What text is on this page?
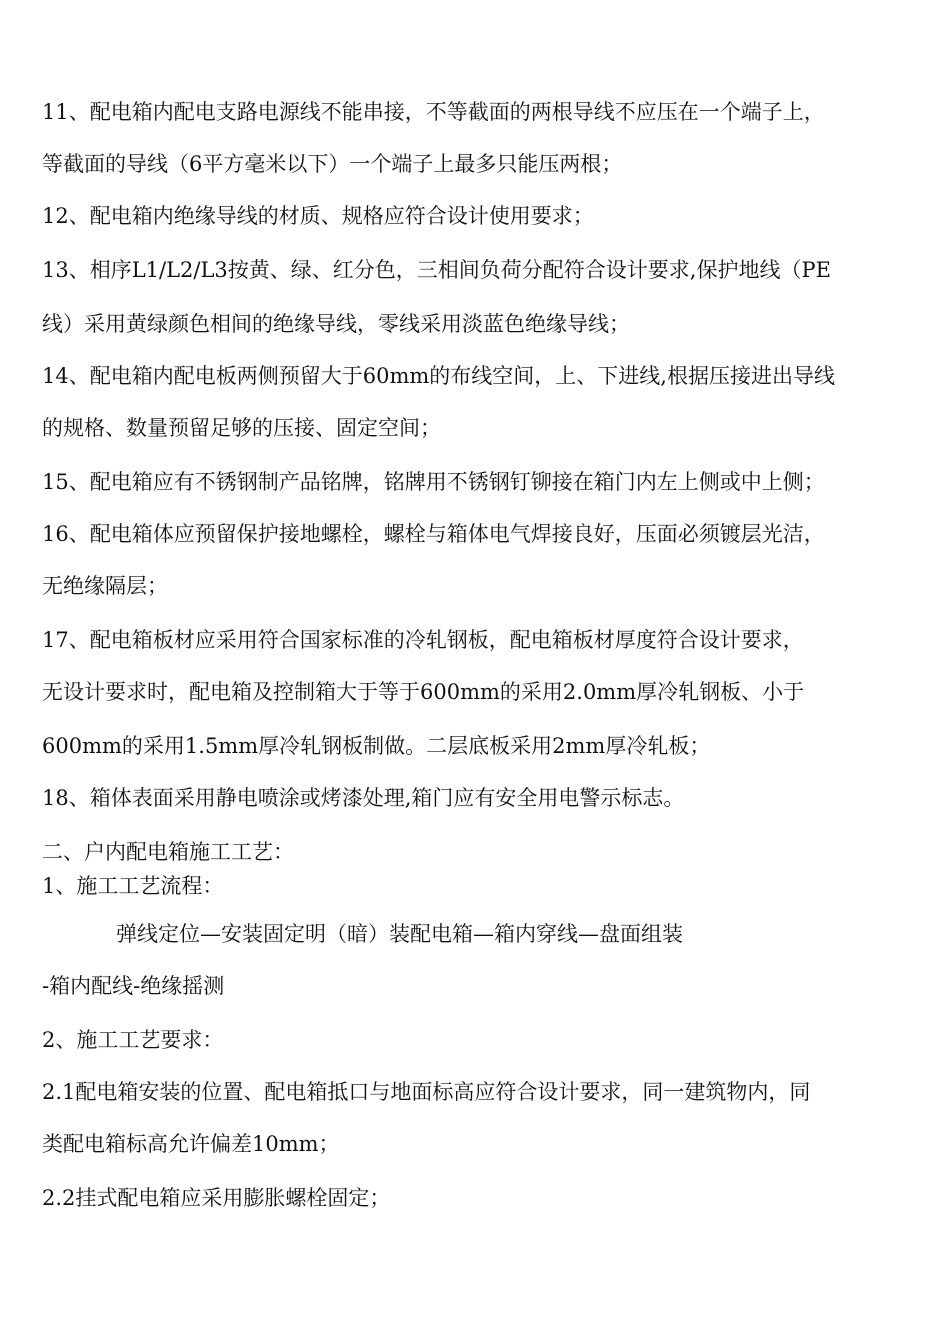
11、配电箱内配电支路电源线不能串接，不等截面的两根导线不应压在一个端子上，
等截面的导线（6平方毫米以下）一个端子上最多只能压两根；
12、配电箱内绝缘导线的材质、规格应符合设计使用要求；
13、相序L1/L2/L3按黄、绿、红分色，三相间负荷分配符合设计要求,保护地线（PE
线）采用黄绿颜色相间的绝缘导线，零线采用淡蓝色绝缘导线；
14、配电箱内配电板两侧预留大于60mm的布线空间，上、下进线,根据压接进出导线
的规格、数量预留足够的压接、固定空间；
15、配电箱应有不锈钢制产品铭牌，铭牌用不锈钢钉铆接在箱门内左上侧或中上侧；
16、配电箱体应预留保护接地螺栓，螺栓与箱体电气焊接良好，压面必须镀层光洁，
无绝缘隔层；
17、配电箱板材应采用符合国家标准的冷轧钢板，配电箱板材厚度符合设计要求，
无设计要求时，配电箱及控制箱大于等于600mm的采用2.0mm厚冷轧钢板、小于
600mm的采用1.5mm厚冷轧钢板制做。二层底板采用2mm厚冷轧板；
18、箱体表面采用静电喷涂或烤漆处理,箱门应有安全用电警示标志。
二、户内配电箱施工工艺：
1、施工工艺流程：
弹线定位—安装固定明（暗）装配电箱—箱内穿线—盘面组装
-箱内配线-绝缘摇测
2、施工工艺要求：
2.1配电箱安装的位置、配电箱抵口与地面标高应符合设计要求，同一建筑物内，同
类配电箱标高允许偏差10mm；
2.2挂式配电箱应采用膨胀螺栓固定；
